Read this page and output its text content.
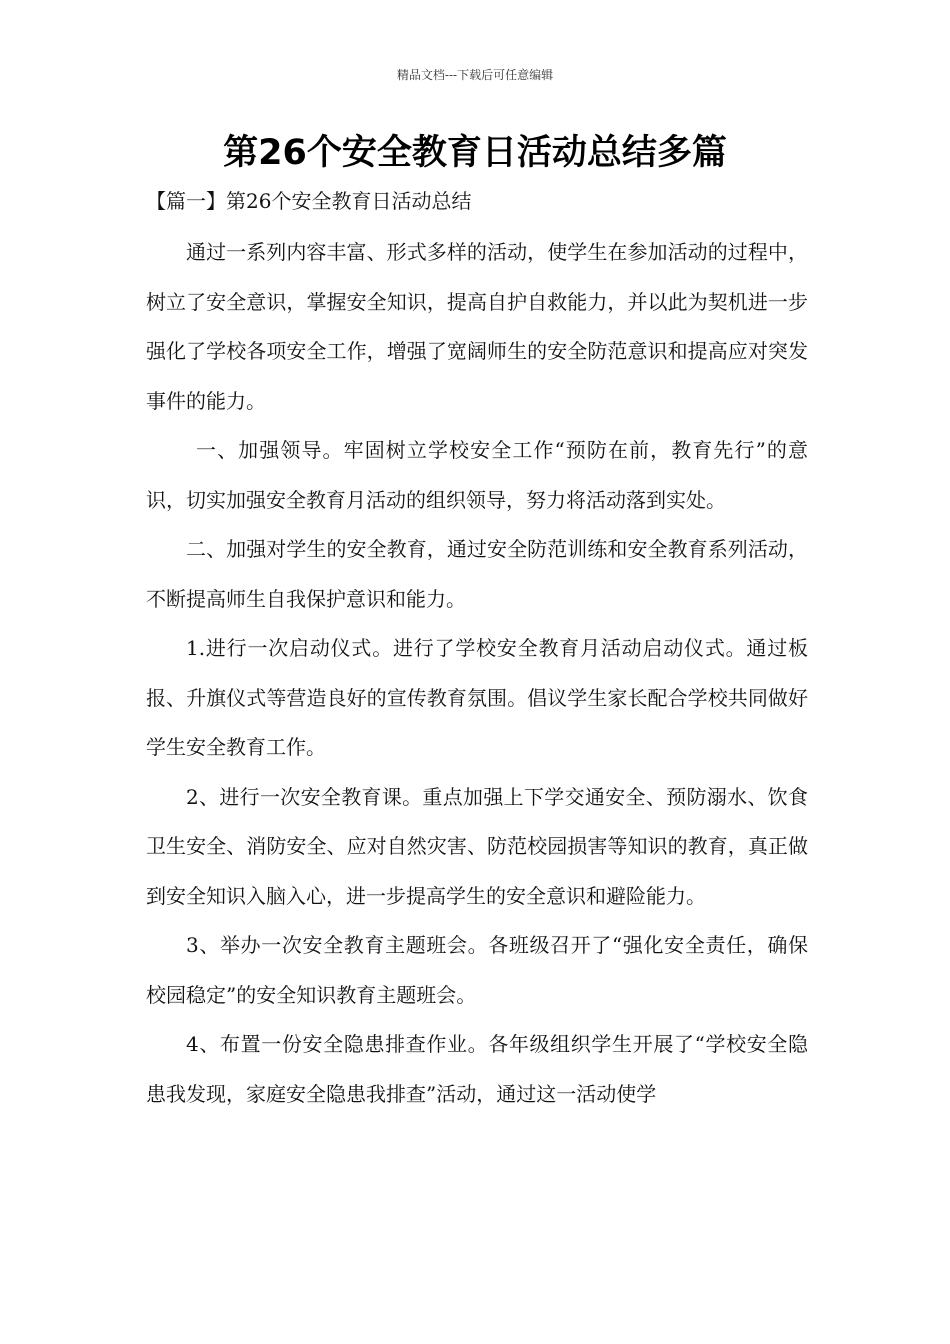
精品文档---下载后可任意编辑
第26个安全教育日活动总结多篇
【篇一】第26个安全教育日活动总结

通过一系列内容丰富、形式多样的活动，使学生在参加活动的过程中，树立了安全意识，掌握安全知识，提高自护自救能力，并以此为契机进一步强化了学校各项安全工作，增强了宽阔师生的安全防范意识和提高应对突发事件的能力。

一、加强领导。牢固树立学校安全工作“预防在前，教育先行”的意识，切实加强安全教育月活动的组织领导，努力将活动落到实处。

二、加强对学生的安全教育，通过安全防范训练和安全教育系列活动，不断提高师生自我保护意识和能力。

1.进行一次启动仪式。进行了学校安全教育月活动启动仪式。通过板报、升旗仪式等营造良好的宣传教育氛围。倡议学生家长配合学校共同做好学生安全教育工作。

2、进行一次安全教育课。重点加强上下学交通安全、预防溺水、饮食卫生安全、消防安全、应对自然灾害、防范校园损害等知识的教育，真正做到安全知识入脑入心，进一步提高学生的安全意识和避险能力。

3、举办一次安全教育主题班会。各班级召开了“强化安全责任，确保校园稳定”的安全知识教育主题班会。

4、布置一份安全隐患排查作业。各年级组织学生开展了“学校安全隐患我发现，家庭安全隐患我排查”活动，通过这一活动使学
